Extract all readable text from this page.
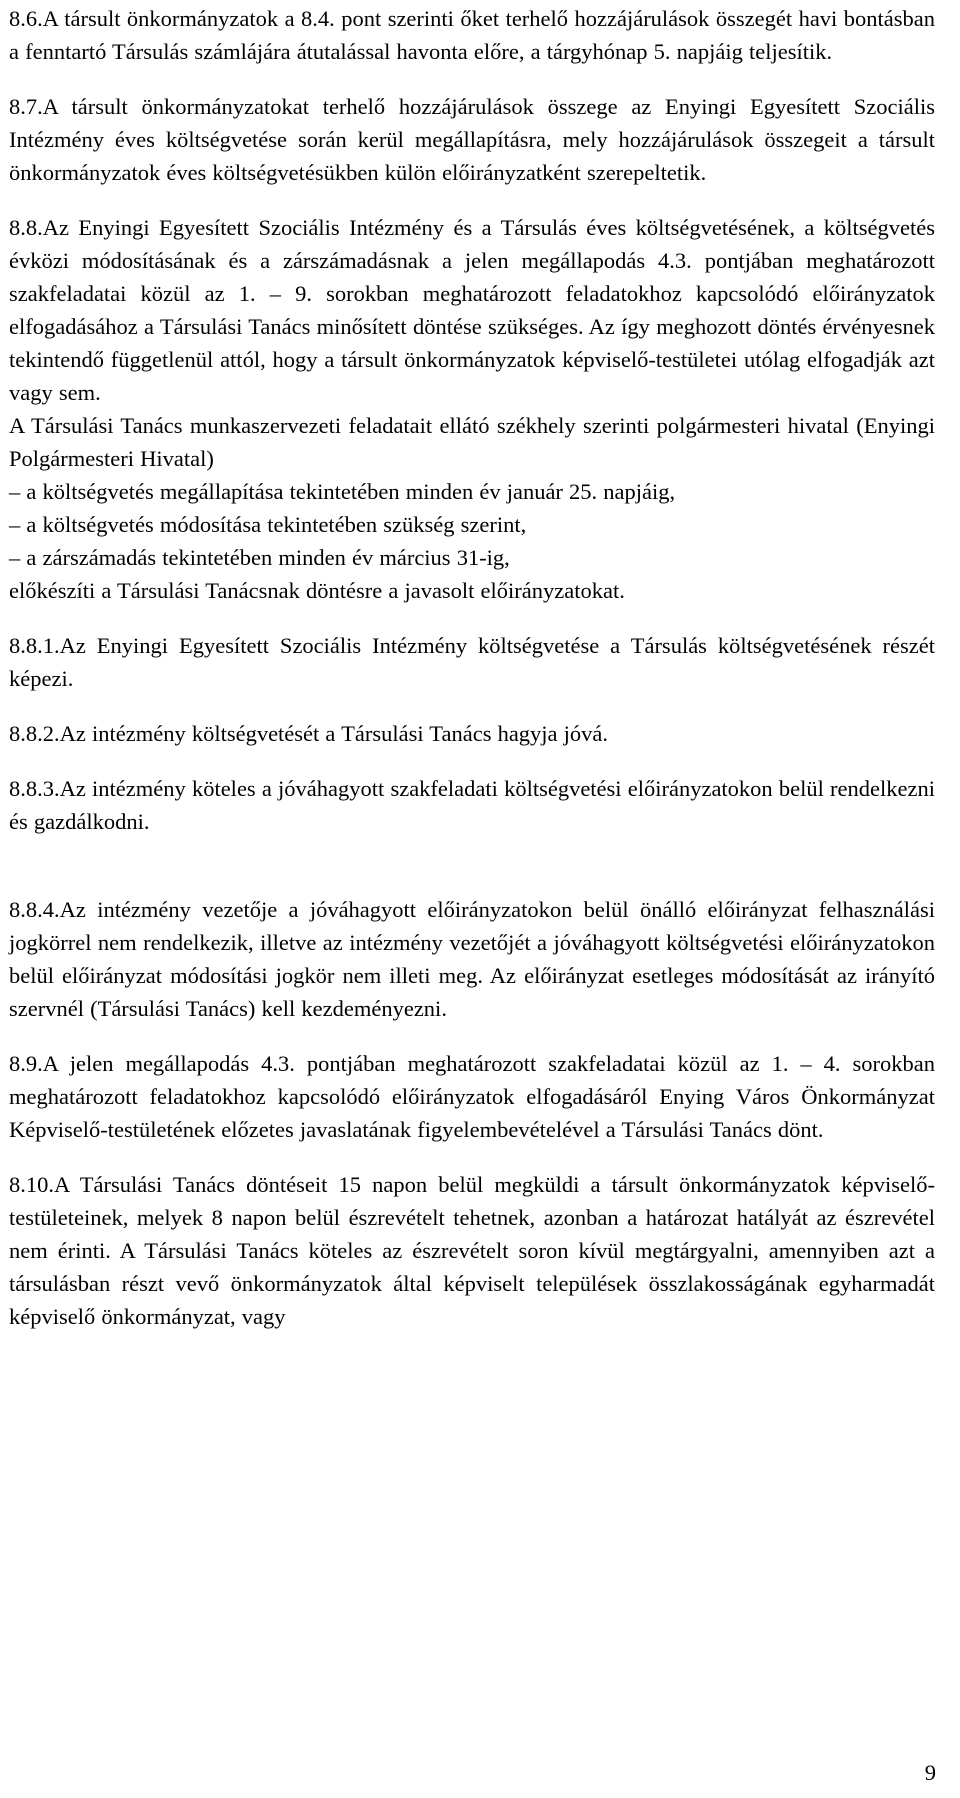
8.6.A társult önkormányzatok a 8.4. pont szerinti őket terhelő hozzájárulások összegét havi bontásban a fenntartó Társulás számlájára átutalással havonta előre, a tárgyhónap 5. napjáig teljesítik.

8.7.A társult önkormányzatokat terhelő hozzájárulások összege az Enyingi Egyesített Szociális Intézmény éves költségvetése során kerül megállapításra, mely hozzájárulások összegeit a társult önkormányzatok éves költségvetésükben külön előirányzatként szerepeltetik.

8.8.Az Enyingi Egyesített Szociális Intézmény és a Társulás éves költségvetésének, a költségvetés évközi módosításának és a zárszámadásnak a jelen megállapodás 4.3. pontjában meghatározott szakfeladatai közül az 1. – 9. sorokban meghatározott feladatokhoz kapcsolódó előirányzatok elfogadásához a Társulási Tanács minősített döntése szükséges. Az így meghozott döntés érvényesnek tekintendő függetlenül attól, hogy a társult önkormányzatok képviselő-testületei utólag elfogadják azt vagy sem.

A Társulási Tanács munkaszervezeti feladatait ellátó székhely szerinti polgármesteri hivatal (Enyingi Polgármesteri Hivatal)

– a költségvetés megállapítása tekintetében minden év január 25. napjáig,
– a költségvetés módosítása tekintetében szükség szerint,
– a zárszámadás tekintetében minden év március 31-ig,

előkészíti a Társulási Tanácsnak döntésre a javasolt előirányzatokat.

8.8.1.Az Enyingi Egyesített Szociális Intézmény költségvetése a Társulás költségvetésének részét képezi.

8.8.2.Az intézmény költségvetését a Társulási Tanács hagyja jóvá.

8.8.3.Az intézmény köteles a jóváhagyott szakfeladati költségvetési előirányzatokon belül rendelkezni és gazdálkodni.

8.8.4.Az intézmény vezetője a jóváhagyott előirányzatokon belül önálló előirányzat felhasználási jogkörrel nem rendelkezik, illetve az intézmény vezetőjét a jóváhagyott költségvetési előirányzatokon belül előirányzat módosítási jogkör nem illeti meg. Az előirányzat esetleges módosítását az irányító szervnél (Társulási Tanács) kell kezdeményezni.

8.9.A jelen megállapodás 4.3. pontjában meghatározott szakfeladatai közül az 1. – 4. sorokban meghatározott feladatokhoz kapcsolódó előirányzatok elfogadásáról Enying Város Önkormányzat Képviselő-testületének előzetes javaslatának figyelembevételével a Társulási Tanács dönt.

8.10.A Társulási Tanács döntéseit 15 napon belül megküldi a társult önkormányzatok képviselő-testületeinek, melyek 8 napon belül észrevételt tehetnek, azonban a határozat hatályát az észrevétel nem érinti. A Társulási Tanács köteles az észrevételt soron kívül megtárgyalni, amennyiben azt a társulásban részt vevő önkormányzatok által képviselt települések összlakosságának egyharmadát képviselő önkormányzat, vagy

9
